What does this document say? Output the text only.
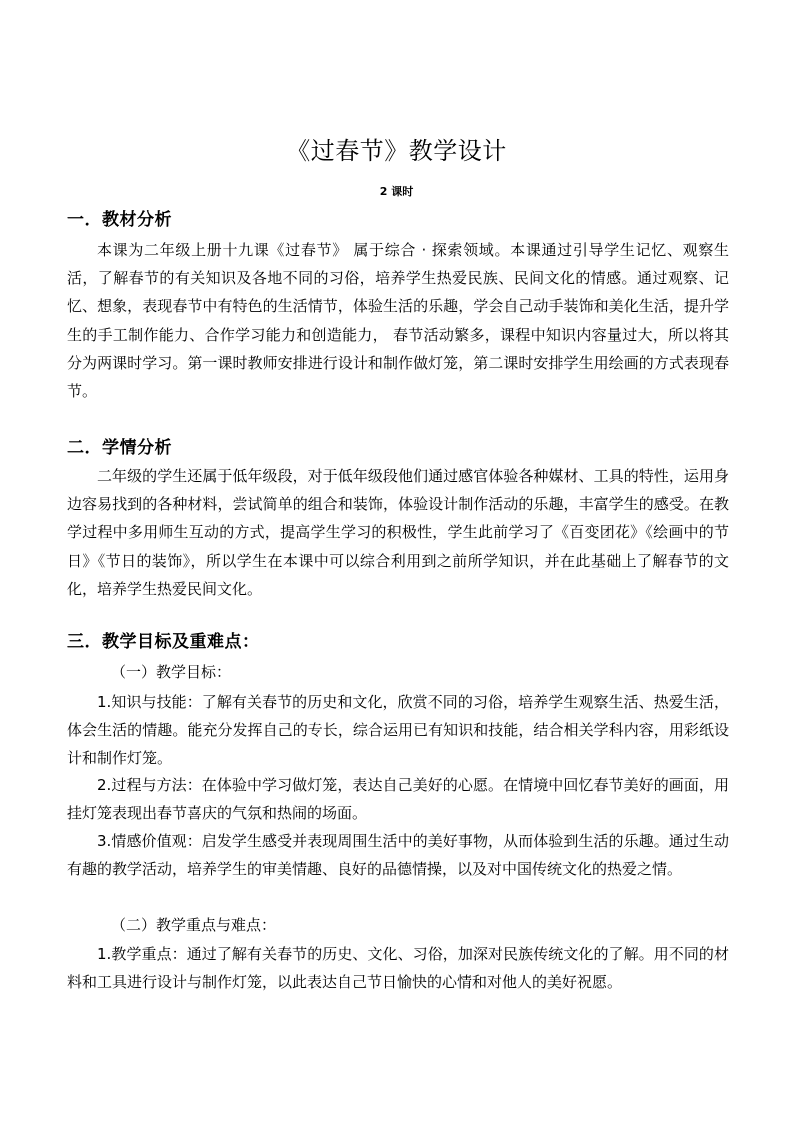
《过春节》教学设计
2 课时
一．教材分析

本课为二年级上册十九课《过春节》 属于综合 · 探索领域。本课通过引导学生记忆、观察生活，了解春节的有关知识及各地不同的习俗，培养学生热爱民族、民间文化的情感。通过观察、记忆、想象，表现春节中有特色的生活情节，体验生活的乐趣，学会自己动手装饰和美化生活，提升学生的手工制作能力、合作学习能力和创造能力， 春节活动繁多，课程中知识内容量过大，所以将其分为两课时学习。第一课时教师安排进行设计和制作做灯笼，第二课时安排学生用绘画的方式表现春节。

二．学情分析

二年级的学生还属于低年级段，对于低年级段他们通过感官体验各种媒材、工具的特性，运用身边容易找到的各种材料，尝试简单的组合和装饰，体验设计制作活动的乐趣，丰富学生的感受。在教学过程中多用师生互动的方式，提高学生学习的积极性，学生此前学习了《百变团花》《绘画中的节日》《节日的装饰》，所以学生在本课中可以综合利用到之前所学知识，并在此基础上了解春节的文化，培养学生热爱民间文化。

三．教学目标及重难点：
（一）教学目标：

1.知识与技能：了解有关春节的历史和文化，欣赏不同的习俗，培养学生观察生活、热爱生活，体会生活的情趣。能充分发挥自己的专长，综合运用已有知识和技能，结合相关学科内容，用彩纸设计和制作灯笼。

2.过程与方法：在体验中学习做灯笼，表达自己美好的心愿。在情境中回忆春节美好的画面，用挂灯笼表现出春节喜庆的气氛和热闹的场面。

3.情感价值观：启发学生感受并表现周围生活中的美好事物，从而体验到生活的乐趣。通过生动有趣的教学活动，培养学生的审美情趣、良好的品德情操，以及对中国传统文化的热爱之情。

（二）教学重点与难点：

1.教学重点：通过了解有关春节的历史、文化、习俗，加深对民族传统文化的了解。用不同的材料和工具进行设计与制作灯笼，以此表达自己节日愉快的心情和对他人的美好祝愿。
